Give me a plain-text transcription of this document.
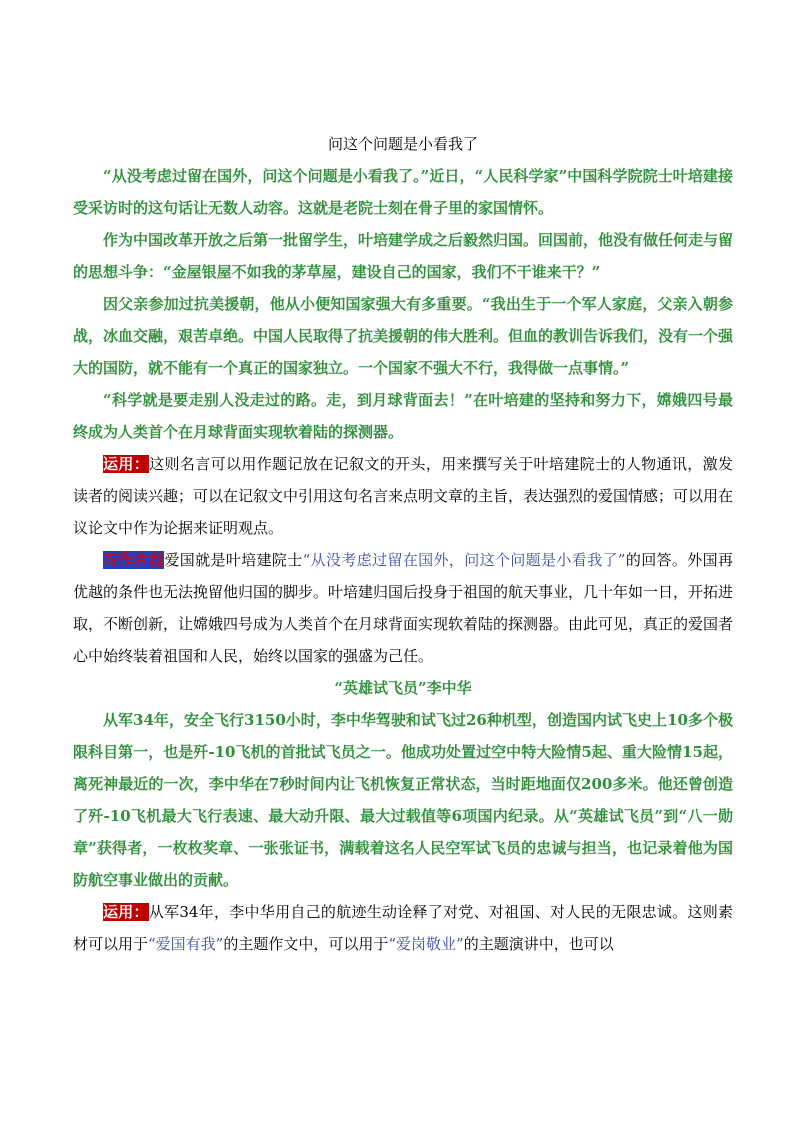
问这个问题是小看我了

“从没考虑过留在国外，问这个问题是小看我了。”近日，“人民科学家”中国科学院院士叶培建接受采访时的这句话让无数人动容。这就是老院士刻在骨子里的家国情怀。

作为中国改革开放之后第一批留学生，叶培建学成之后毅然归国。回国前，他没有做任何走与留的思想斗争：“金屋银屋不如我的茅草屋，建设自己的国家，我们不干谁来干？”

因父亲参加过抗美援朝，他从小便知国家强大有多重要。“我出生于一个军人家庭，父亲入朝参战，冰血交融，艰苦卓绝。中国人民取得了抗美援朝的伟大胜利。但血的教训告诉我们，没有一个强大的国防，就不能有一个真正的国家独立。一个国家不强大不行，我得做一点事情。”

“科学就是要走别人没走过的路。走，到月球背面去！”在叶培建的坚持和努力下，嫦娥四号最终成为人类首个在月球背面实现软着陆的探测器。

运用：这则名言可以用作题记放在记叙文的开头，用来撰写关于叶培建院士的人物通讯，激发读者的阅读兴趣；可以在记叙文中引用这句名言来点明文章的主旨，表达强烈的爱国情感；可以用在议论文中作为论据来证明观点。

习作片段爱国就是叶培建院士“从没考虑过留在国外，问这个问题是小看我了”的回答。外国再优越的条件也无法挽留他归国的脚步。叶培建归国后投身于祖国的航天事业，几十年如一日，开拓进取，不断创新，让嫦娥四号成为人类首个在月球背面实现软着陆的探测器。由此可见，真正的爱国者心中始终装着祖国和人民，始终以国家的强盛为己任。

“英雄试飞员”李中华

从军34年，安全飞行3150小时，李中华驾驶和试飞过26种机型，创造国内试飞史上10多个极限科目第一，也是歼-10飞机的首批试飞员之一。他成功处置过空中特大险情5起、重大险情15起，离死神最近的一次，李中华在7秒时间内让飞机恢复正常状态，当时距地面仅200多米。他还曾创造了歼-10飞机最大飞行表速、最大动升限、最大过载值等6项国内纪录。从“英雄试飞员”到“八一勋章”获得者，一枚枚奖章、一张张证书，满载着这名人民空军试飞员的忠诚与担当，也记录着他为国防航空事业做出的贡献。

运用：从军34年，李中华用自己的航迹生动诠释了对党、对祖国、对人民的无限忠诚。这则素材可以用于“爱国有我”的主题作文中，可以用于“爱岗敬业”的主题演讲中，也可以
